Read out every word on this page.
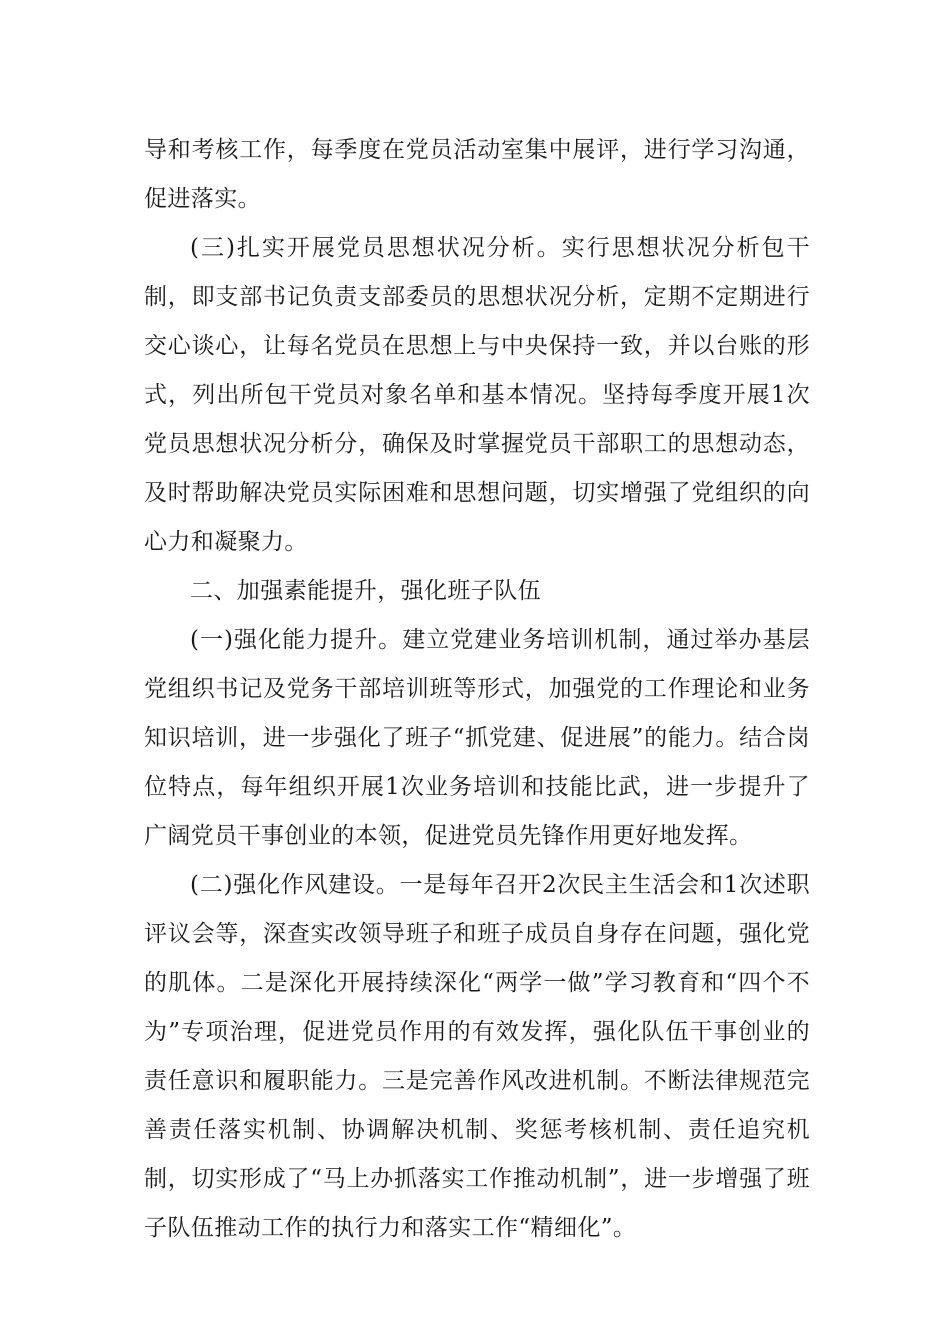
导和考核工作，每季度在党员活动室集中展评，进行学习沟通，促进落实。

(三)扎实开展党员思想状况分析。实行思想状况分析包干制，即支部书记负责支部委员的思想状况分析，定期不定期进行交心谈心，让每名党员在思想上与中央保持一致，并以台账的形式，列出所包干党员对象名单和基本情况。坚持每季度开展1次党员思想状况分析分，确保及时掌握党员干部职工的思想动态，及时帮助解决党员实际困难和思想问题，切实增强了党组织的向心力和凝聚力。

二、加强素能提升，强化班子队伍

(一)强化能力提升。建立党建业务培训机制，通过举办基层党组织书记及党务干部培训班等形式，加强党的工作理论和业务知识培训，进一步强化了班子“抓党建、促进展”的能力。结合岗位特点，每年组织开展1次业务培训和技能比武，进一步提升了广阔党员干事创业的本领，促进党员先锋作用更好地发挥。

(二)强化作风建设。一是每年召开2次民主生活会和1次述职评议会等，深查实改领导班子和班子成员自身存在问题，强化党的肌体。二是深化开展持续深化“两学一做”学习教育和“四个不为”专项治理，促进党员作用的有效发挥，强化队伍干事创业的责任意识和履职能力。三是完善作风改进机制。不断法律规范完善责任落实机制、协调解决机制、奖惩考核机制、责任追究机制，切实形成了“马上办抓落实工作推动机制”，进一步增强了班子队伍推动工作的执行力和落实工作“精细化”。
